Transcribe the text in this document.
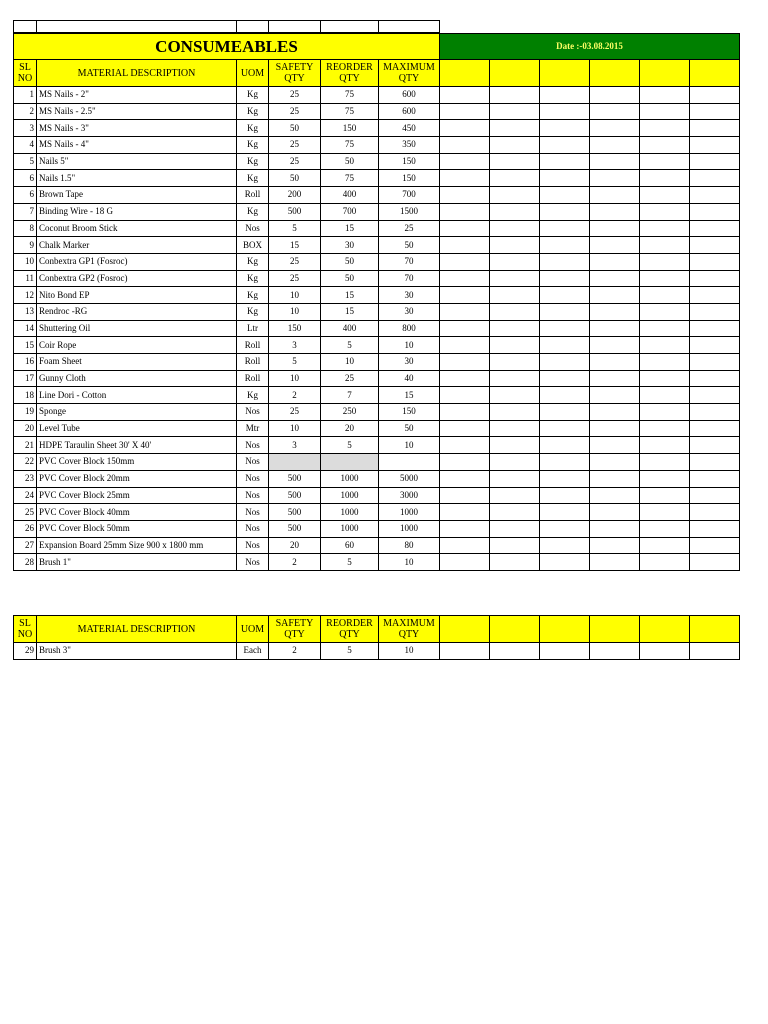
CONSUMEABLES						Date :-03.08.2015					
SL NO	MATERIAL DESCRIPTION	UOM	SAFETY QTY	REORDER QTY	MAXIMUM QTY						
1	MS Nails - 2"	Kg	25	75	600						
2	MS Nails - 2.5"	Kg	25	75	600						
3	MS Nails - 3"	Kg	50	150	450						
4	MS Nails - 4"	Kg	25	75	350						
5	Nails 5"	Kg	25	50	150						
6	Nails 1.5"	Kg	50	75	150						
6	Brown Tape	Roll	200	400	700						
7	Binding Wire - 18 G	Kg	500	700	1500						
8	Coconut Broom Stick	Nos	5	15	25						
9	Chalk Marker	BOX	15	30	50						
10	Conbextra GP1 (Fosroc)	Kg	25	50	70						
11	Conbextra GP2 (Fosroc)	Kg	25	50	70						
12	Nito Bond EP	Kg	10	15	30						
13	Rendroc -RG	Kg	10	15	30						
14	Shuttering Oil	Ltr	150	400	800						
15	Coir Rope	Roll	3	5	10						
16	Foam Sheet	Roll	5	10	30						
17	Gunny Cloth	Roll	10	25	40						
18	Line Dori - Cotton	Kg	2	7	15						
19	Sponge	Nos	25	250	150						
20	Level Tube	Mtr	10	20	50						
21	HDPE Taraulin Sheet 30' X 40'	Nos	3	5	10						
22	PVC Cover Block 150mm	Nos									
23	PVC Cover Block 20mm	Nos	500	1000	5000						
24	PVC Cover Block 25mm	Nos	500	1000	3000						
25	PVC Cover Block 40mm	Nos	500	1000	1000						
26	PVC Cover Block 50mm	Nos	500	1000	1000						
27	Expansion Board 25mm Size 900 x 1800 mm	Nos	20	60	80						
28	Brush 1"	Nos	2	5	10						
SL NO	MATERIAL DESCRIPTION	UOM	SAFETY QTY	REORDER QTY	MAXIMUM QTY						
29	Brush 3"	Each	2	5	10						
